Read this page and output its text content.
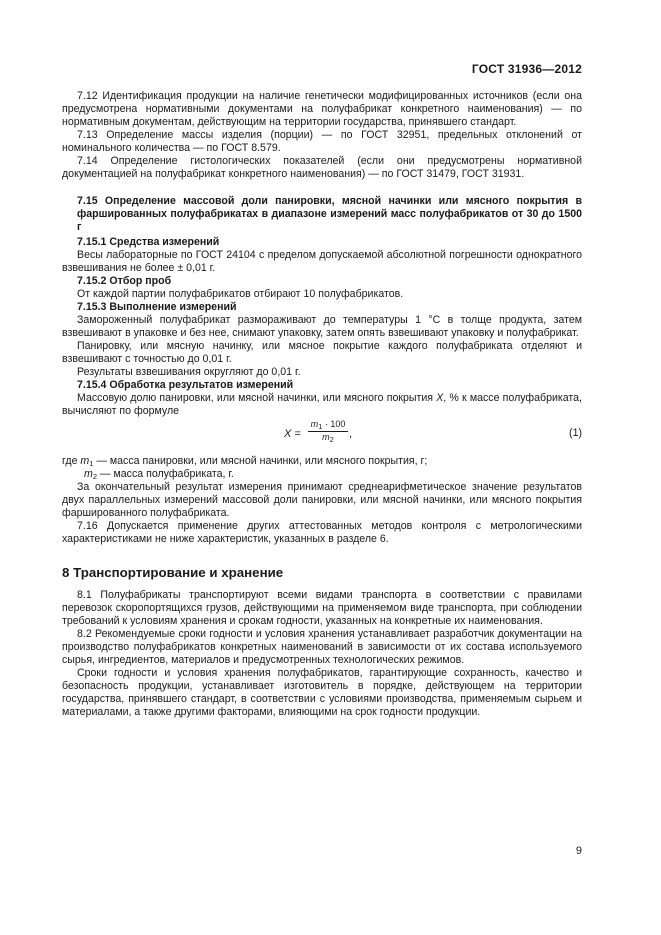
ГОСТ 31936—2012

7.12 Идентификация продукции на наличие генетически модифицированных источников (если она предусмотрена нормативными документами на полуфабрикат конкретного наименования) — по нормативным документам, действующим на территории государства, принявшего стандарт.

7.13 Определение массы изделия (порции) — по ГОСТ 32951, предельных отклонений от номинального количества — по ГОСТ 8.579.

7.14 Определение гистологических показателей (если они предусмотрены нормативной документацией на полуфабрикат конкретного наименования) — по ГОСТ 31479, ГОСТ 31931.

7.15 Определение массовой доли панировки, мясной начинки или мясного покрытия в фаршированных полуфабрикатах в диапазоне измерений масс полуфабрикатов от 30 до 1500 г

7.15.1 Средства измерений

Весы лабораторные по ГОСТ 24104 с пределом допускаемой абсолютной погрешности однократного взвешивания не более ± 0,01 г.

7.15.2 Отбор проб

От каждой партии полуфабрикатов отбирают 10 полуфабрикатов.

7.15.3 Выполнение измерений

Замороженный полуфабрикат размораживают до температуры 1 °С в толще продукта, затем взвешивают в упаковке и без нее, снимают упаковку, затем опять взвешивают упаковку и полуфабрикат.

Панировку, или мясную начинку, или мясное покрытие каждого полуфабриката отделяют и взвешивают с точностью до 0,01 г.

Результаты взвешивания округляют до 0,01 г.

7.15.4 Обработка результатов измерений

Массовую долю панировки, или мясной начинки, или мясного покрытия X, % к массе полуфабриката, вычисляют по формуле

$X = \frac{m_1 \cdot 100}{m_2}$ ,	(1)

где $m_1$ — масса панировки, или мясной начинки, или мясного покрытия, г;

$m_2$ — масса полуфабриката, г.

За окончательный результат измерения принимают среднеарифметическое значение результатов двух параллельных измерений массовой доли панировки, или мясной начинки, или мясного покрытия фаршированного полуфабриката.

7.16 Допускается применение других аттестованных методов контроля с метрологическими характеристиками не ниже характеристик, указанных в разделе 6.

8 Транспортирование и хранение

8.1 Полуфабрикаты транспортируют всеми видами транспорта в соответствии с правилами перевозок скоропортящихся грузов, действующими на применяемом виде транспорта, при соблюдении требований к условиям хранения и срокам годности, указанных на конкретные их наименования.

8.2 Рекомендуемые сроки годности и условия хранения устанавливает разработчик документации на производство полуфабрикатов конкретных наименований в зависимости от их состава используемого сырья, ингредиентов, материалов и предусмотренных технологических режимов.

Сроки годности и условия хранения полуфабрикатов, гарантирующие сохранность, качество и безопасность продукции, устанавливает изготовитель в порядке, действующем на территории государства, принявшего стандарт, в соответствии с условиями производства, применяемым сырьем и материалами, а также другими факторами, влияющими на срок годности продукции.

9
